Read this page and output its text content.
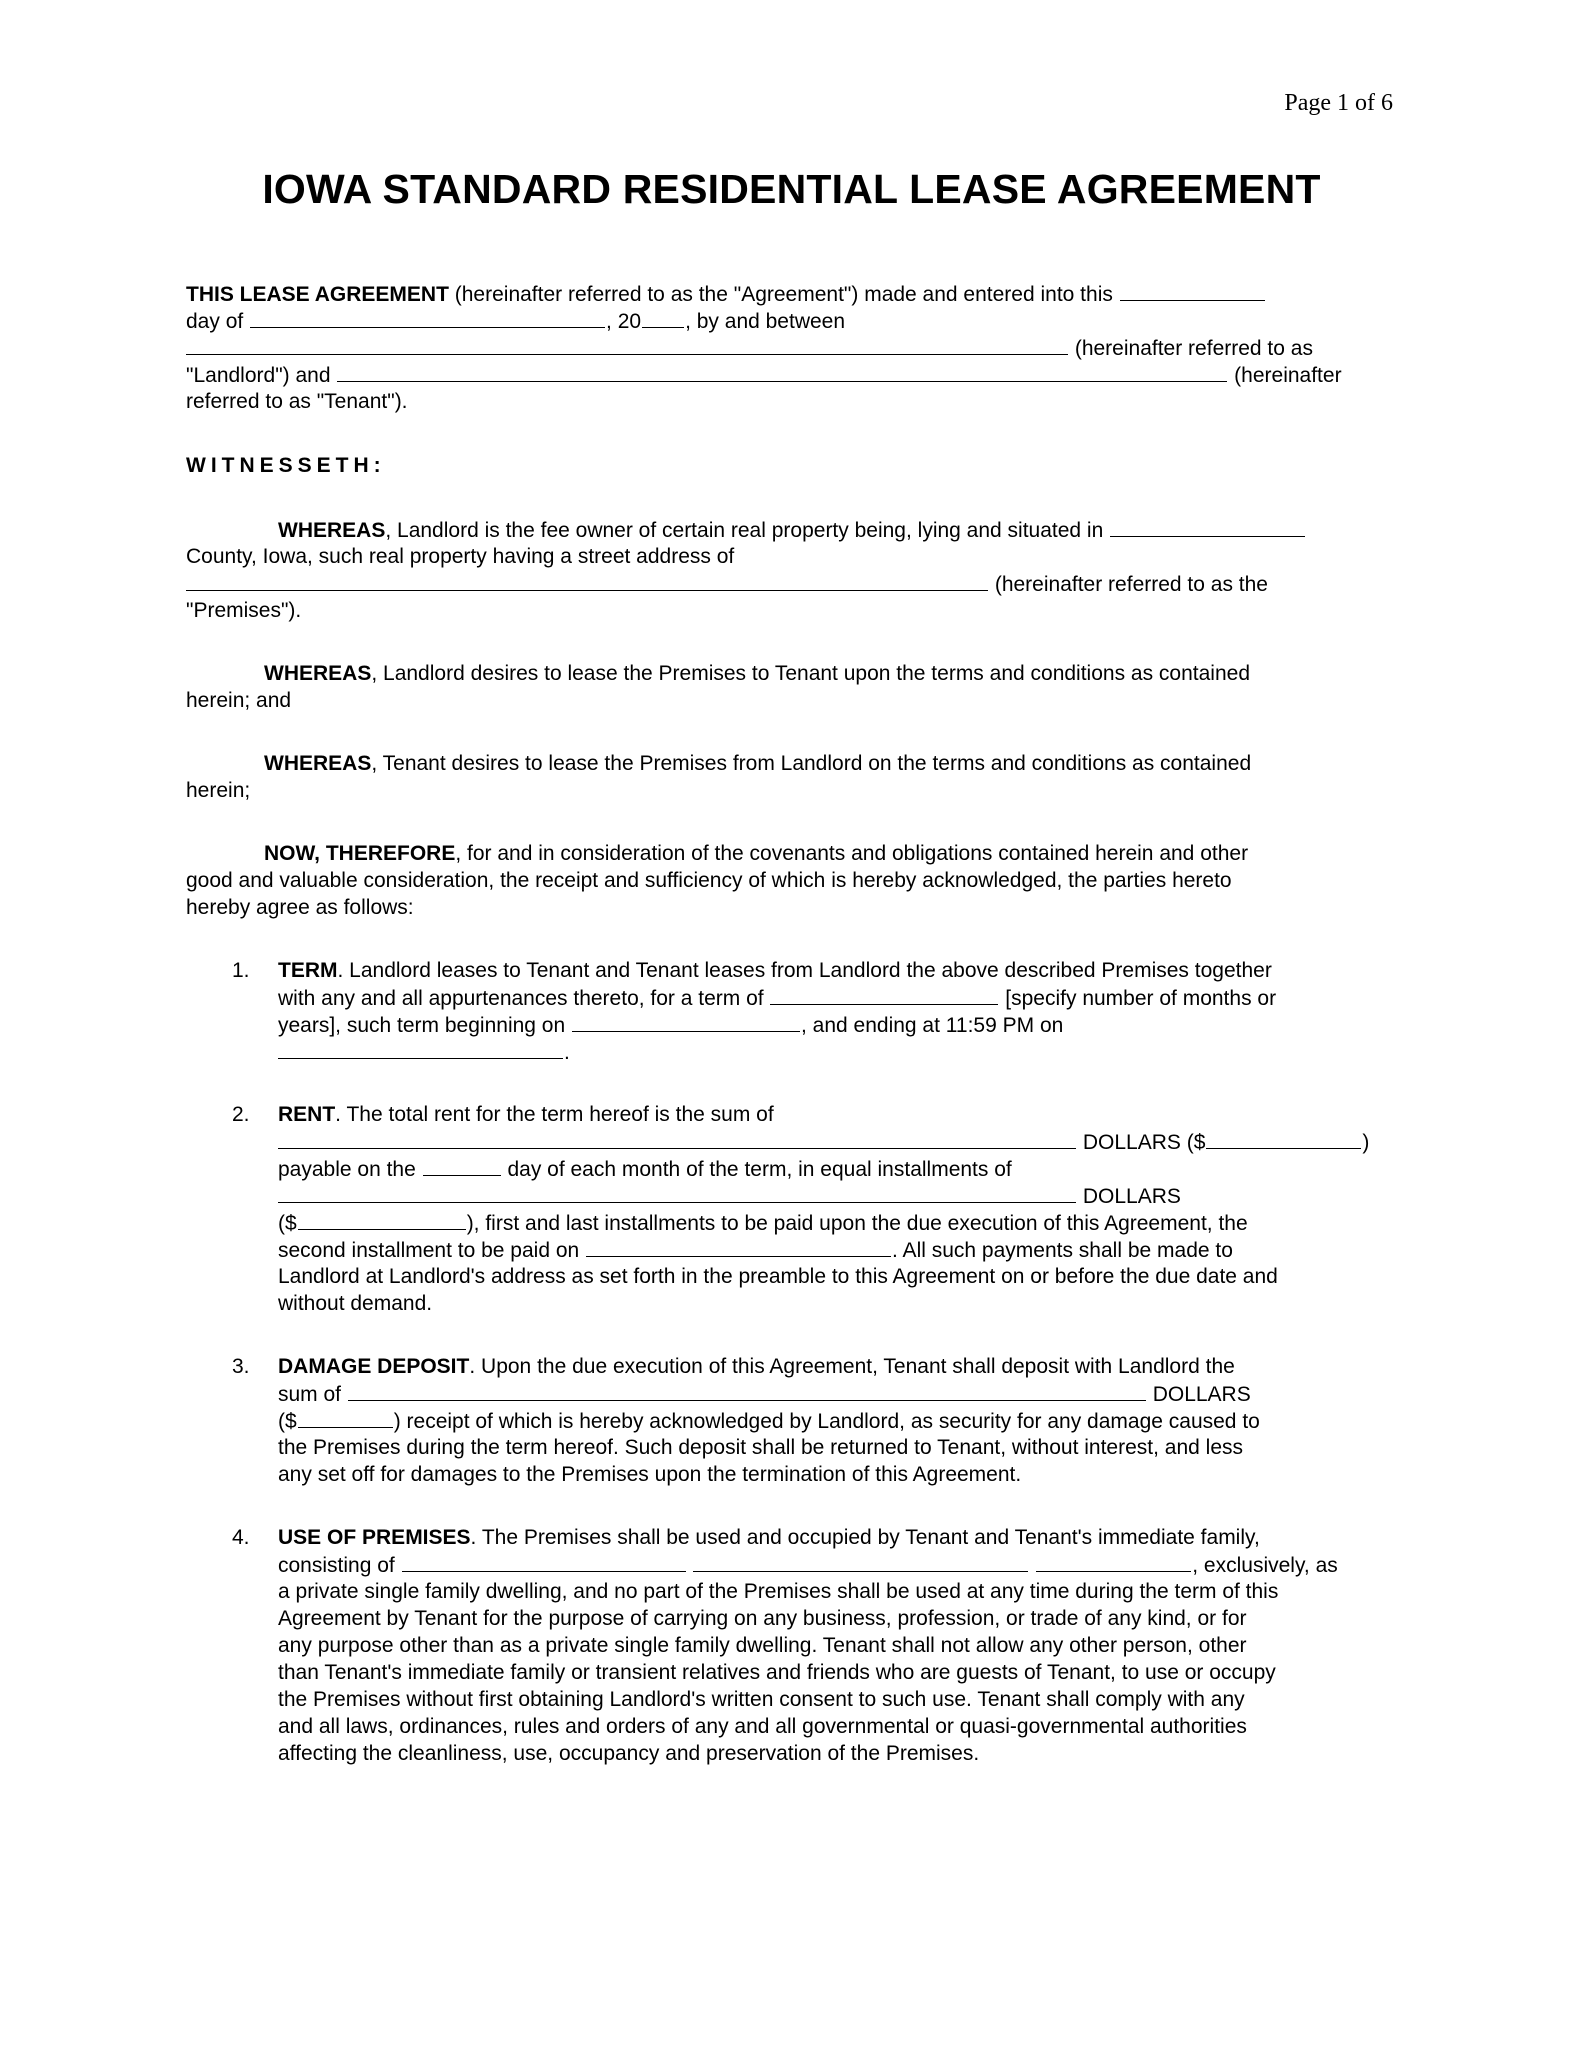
Page 1 of 6
IOWA STANDARD RESIDENTIAL LEASE AGREEMENT
THIS LEASE AGREEMENT (hereinafter referred to as the "Agreement") made and entered into this
day of	, 20 , by and between
(hereinafter referred to as
"Landlord") and	(hereinafter
referred to as "Tenant").
WITNESSETH:
WHEREAS, Landlord is the fee owner of certain real property being, lying and situated in
County, Iowa, such real property having a street address of
(hereinafter referred to as the
"Premises").
WHEREAS, Landlord desires to lease the Premises to Tenant upon the terms and conditions as contained
herein; and
WHEREAS, Tenant desires to lease the Premises from Landlord on the terms and conditions as contained
herein;
NOW, THEREFORE, for and in consideration of the covenants and obligations contained herein and other
good and valuable consideration, the receipt and sufficiency of which is hereby acknowledged, the parties hereto
hereby agree as follows:
1. TERM. Landlord leases to Tenant and Tenant leases from Landlord the above described Premises together
with any and all appurtenances thereto, for a term of	[specify number of months or
years], such term beginning on	, and ending at 11:59 PM on
.
2. RENT. The total rent for the term hereof is the sum of
DOLLARS ($	)
payable on the	day of each month of the term, in equal installments of
DOLLARS
($	), first and last installments to be paid upon the due execution of this Agreement, the
second installment to be paid on	. All such payments shall be made to
Landlord at Landlord's address as set forth in the preamble to this Agreement on or before the due date and
without demand.
3. DAMAGE DEPOSIT. Upon the due execution of this Agreement, Tenant shall deposit with Landlord the
sum of	DOLLARS
($	) receipt of which is hereby acknowledged by Landlord, as security for any damage caused to
the Premises during the term hereof. Such deposit shall be returned to Tenant, without interest, and less
any set off for damages to the Premises upon the termination of this Agreement.
4. USE OF PREMISES. The Premises shall be used and occupied by Tenant and Tenant's immediate family,
consisting of	, exclusively, as
a private single family dwelling, and no part of the Premises shall be used at any time during the term of this
Agreement by Tenant for the purpose of carrying on any business, profession, or trade of any kind, or for
any purpose other than as a private single family dwelling. Tenant shall not allow any other person, other
than Tenant's immediate family or transient relatives and friends who are guests of Tenant, to use or occupy
the Premises without first obtaining Landlord's written consent to such use. Tenant shall comply with any
and all laws, ordinances, rules and orders of any and all governmental or quasi-governmental authorities
affecting the cleanliness, use, occupancy and preservation of the Premises.
